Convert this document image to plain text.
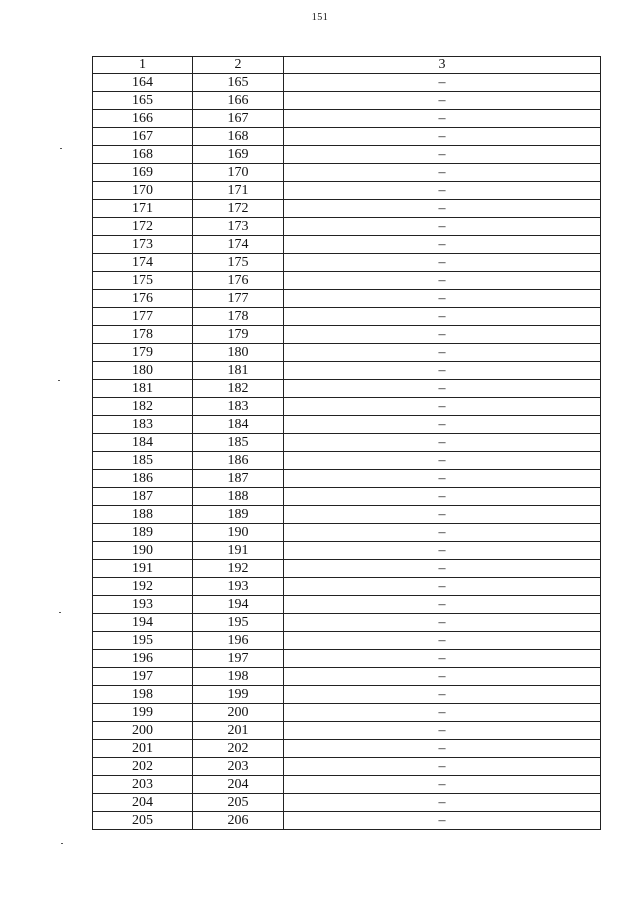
151
1	2	3
164	165	–
165	166	–
166	167	–
167	168	–
168	169	–
169	170	–
170	171	–
171	172	–
172	173	–
173	174	–
174	175	–
175	176	–
176	177	–
177	178	–
178	179	–
179	180	–
180	181	–
181	182	–
182	183	–
183	184	–
184	185	–
185	186	–
186	187	–
187	188	–
188	189	–
189	190	–
190	191	–
191	192	–
192	193	–
193	194	–
194	195	–
195	196	–
196	197	–
197	198	–
198	199	–
199	200	–
200	201	–
201	202	–
202	203	–
203	204	–
204	205	–
205	206	–
